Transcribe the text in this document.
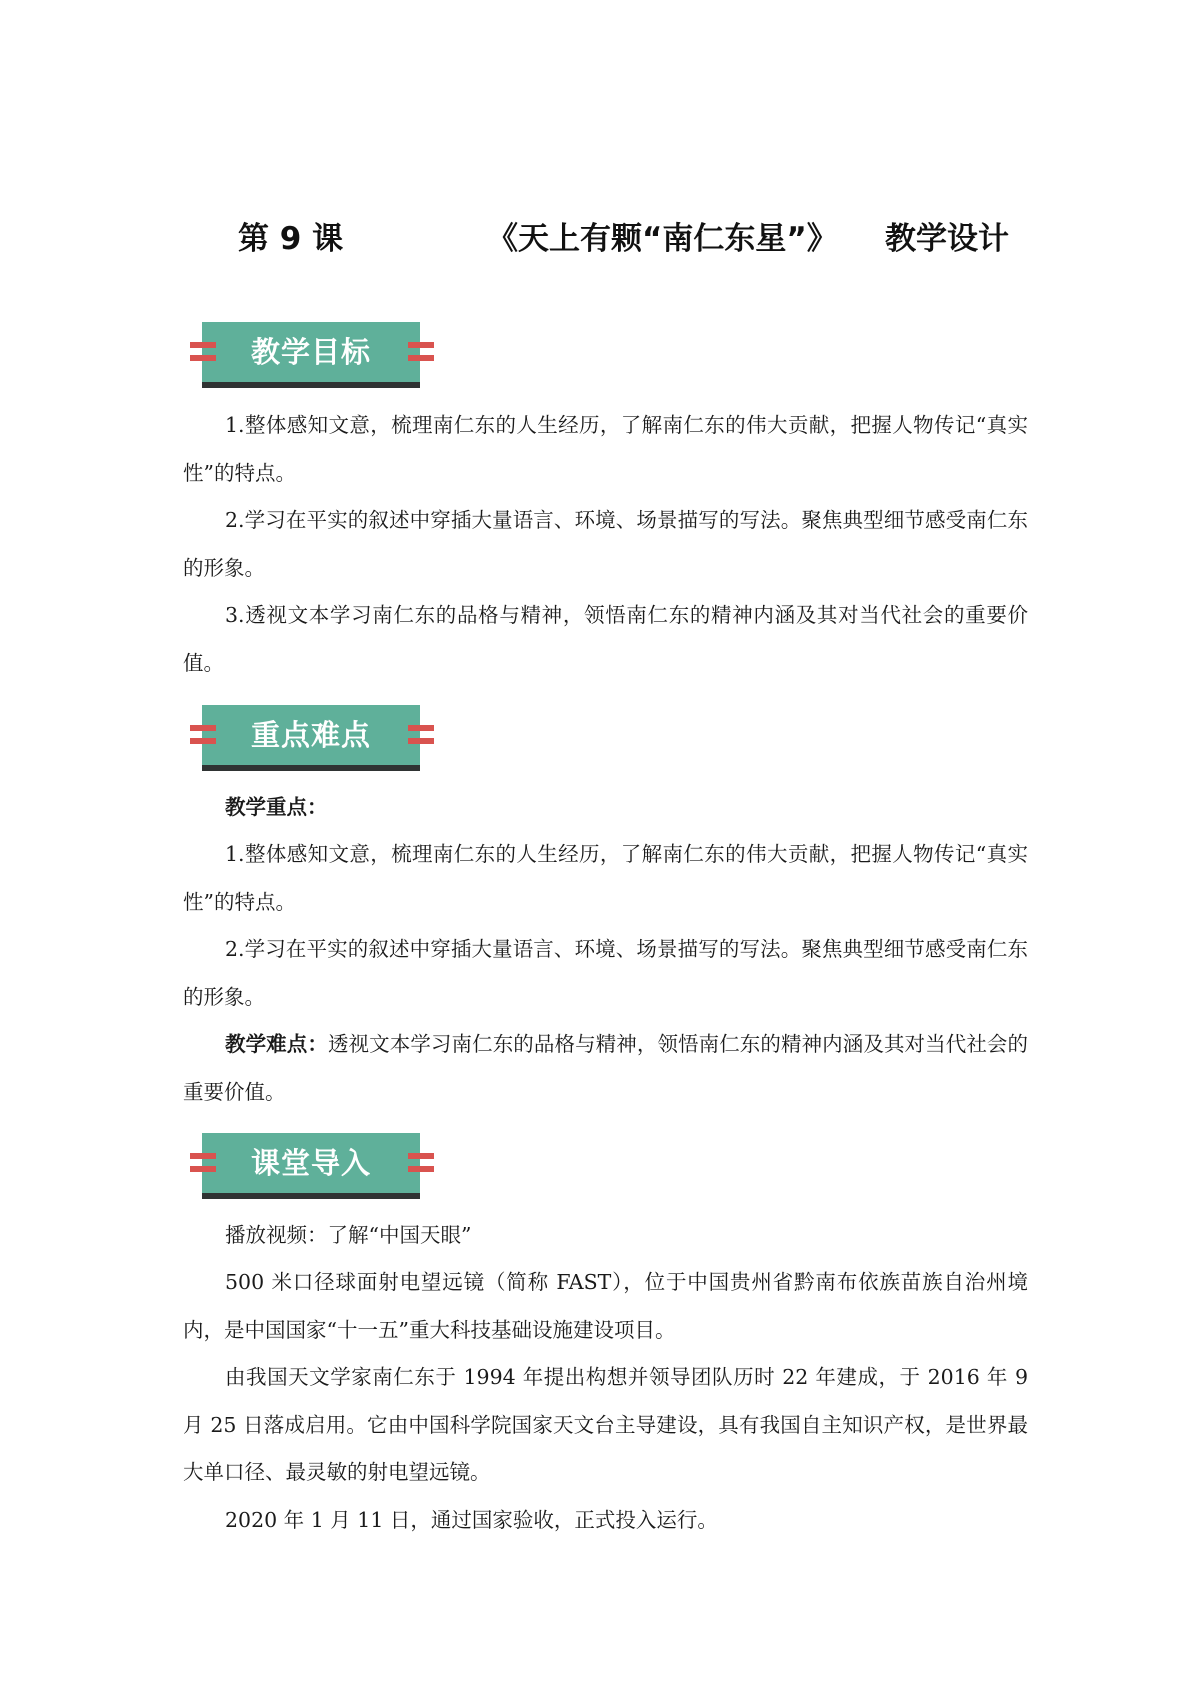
第 9 课	《天上有颗“南仁东星”》 教学设计
教学目标

1.整体感知文意，梳理南仁东的人生经历，了解南仁东的伟大贡献，把握人物传记“真实性”的特点。

2.学习在平实的叙述中穿插大量语言、环境、场景描写的写法。聚焦典型细节感受南仁东的形象。

3.透视文本学习南仁东的品格与精神，领悟南仁东的精神内涵及其对当代社会的重要价值。

重点难点

教学重点：

1.整体感知文意，梳理南仁东的人生经历，了解南仁东的伟大贡献，把握人物传记“真实性”的特点。

2.学习在平实的叙述中穿插大量语言、环境、场景描写的写法。聚焦典型细节感受南仁东的形象。

教学难点：透视文本学习南仁东的品格与精神，领悟南仁东的精神内涵及其对当代社会的重要价值。

课堂导入

播放视频：了解“中国天眼”

500 米口径球面射电望远镜（简称 FAST），位于中国贵州省黔南布依族苗族自治州境内，是中国国家“十一五”重大科技基础设施建设项目。

由我国天文学家南仁东于 1994 年提出构想并领导团队历时 22 年建成，于 2016 年 9 月 25 日落成启用。它由中国科学院国家天文台主导建设，具有我国自主知识产权，是世界最大单口径、最灵敏的射电望远镜。

2020 年 1 月 11 日，通过国家验收，正式投入运行。
